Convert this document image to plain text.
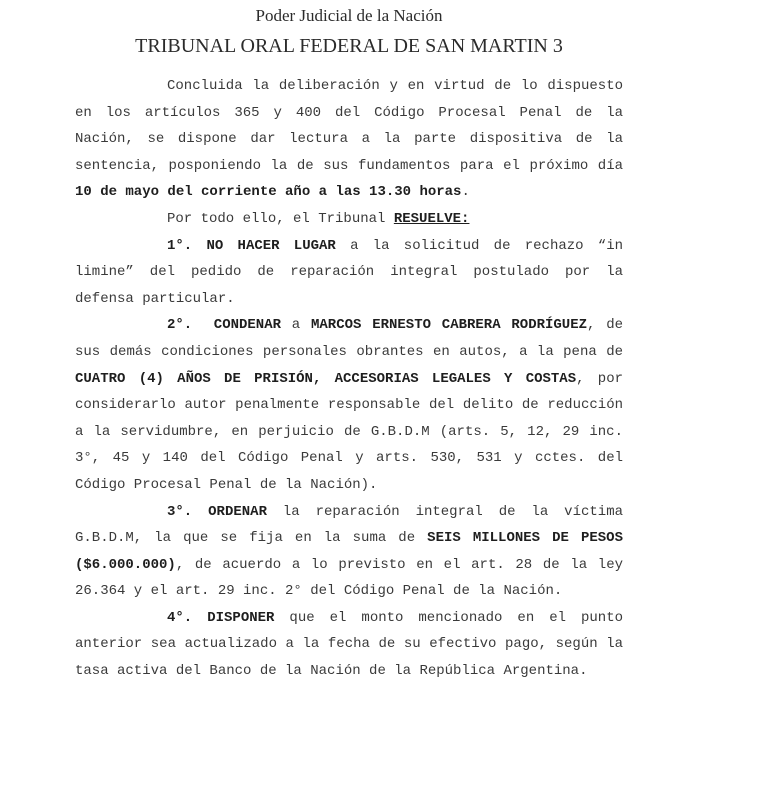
Poder Judicial de la Nación
TRIBUNAL ORAL FEDERAL DE SAN MARTIN 3

Concluida la deliberación y en virtud de lo dispuesto en los artículos 365 y 400 del Código Procesal Penal de la Nación, se dispone dar lectura a la parte dispositiva de la sentencia, posponiendo la de sus fundamentos para el próximo día 10 de mayo del corriente año a las 13.30 horas.

Por todo ello, el Tribunal RESUELVE:

1°. NO HACER LUGAR a la solicitud de rechazo “in limine” del pedido de reparación integral postulado por la defensa particular.

2°. CONDENAR a MARCOS ERNESTO CABRERA RODRÍGUEZ, de sus demás condiciones personales obrantes en autos, a la pena de CUATRO (4) AÑOS DE PRISIÓN, ACCESORIAS LEGALES Y COSTAS, por considerarlo autor penalmente responsable del delito de reducción a la servidumbre, en perjuicio de G.B.D.M (arts. 5, 12, 29 inc. 3°, 45 y 140 del Código Penal y arts. 530, 531 y cctes. del Código Procesal Penal de la Nación).

3°. ORDENAR la reparación integral de la víctima G.B.D.M, la que se fija en la suma de SEIS MILLONES DE PESOS ($6.000.000), de acuerdo a lo previsto en el art. 28 de la ley 26.364 y el art. 29 inc. 2° del Código Penal de la Nación.

4°. DISPONER que el monto mencionado en el punto anterior sea actualizado a la fecha de su efectivo pago, según la tasa activa del Banco de la Nación de la República Argentina.
